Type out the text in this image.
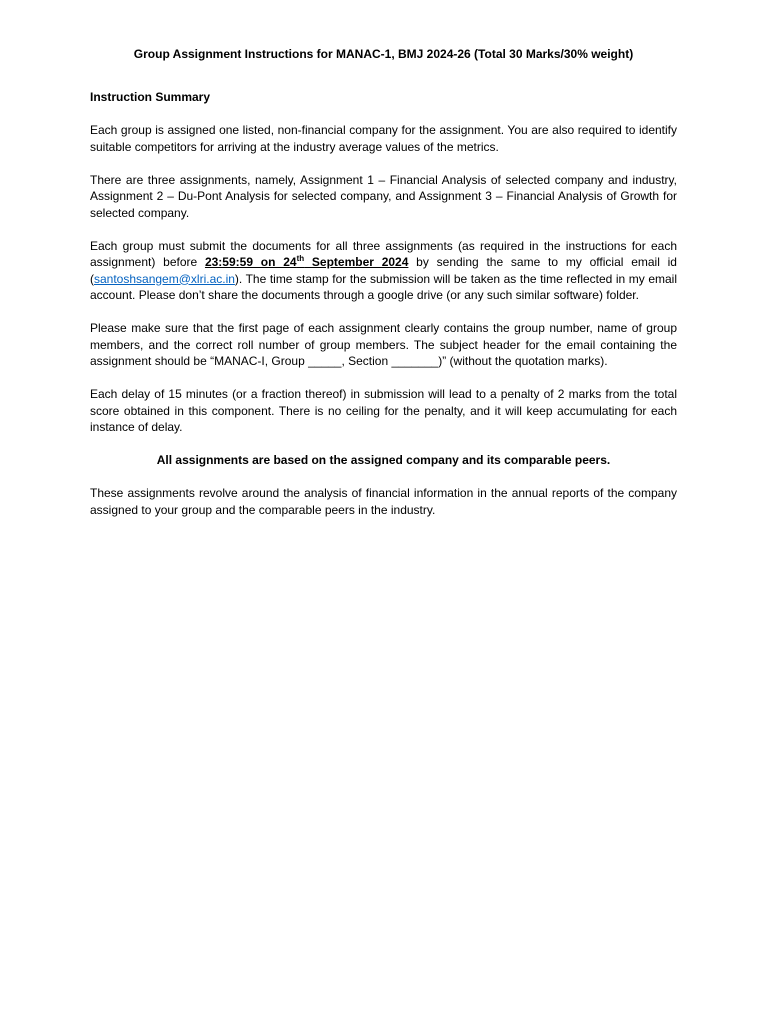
Group Assignment Instructions for MANAC-1, BMJ 2024-26 (Total 30 Marks/30% weight)
Instruction Summary

Each group is assigned one listed, non-financial company for the assignment. You are also required to identify suitable competitors for arriving at the industry average values of the metrics.

There are three assignments, namely, Assignment 1 – Financial Analysis of selected company and industry, Assignment 2 – Du-Pont Analysis for selected company, and Assignment 3 – Financial Analysis of Growth for selected company.

Each group must submit the documents for all three assignments (as required in the instructions for each assignment) before 23:59:59 on 24th September 2024 by sending the same to my official email id (santoshsangem@xlri.ac.in). The time stamp for the submission will be taken as the time reflected in my email account. Please don’t share the documents through a google drive (or any such similar software) folder.

Please make sure that the first page of each assignment clearly contains the group number, name of group members, and the correct roll number of group members. The subject header for the email containing the assignment should be “MANAC-I, Group _____, Section _______)” (without the quotation marks).

Each delay of 15 minutes (or a fraction thereof) in submission will lead to a penalty of 2 marks from the total score obtained in this component. There is no ceiling for the penalty, and it will keep accumulating for each instance of delay.

All assignments are based on the assigned company and its comparable peers.

These assignments revolve around the analysis of financial information in the annual reports of the company assigned to your group and the comparable peers in the industry.
